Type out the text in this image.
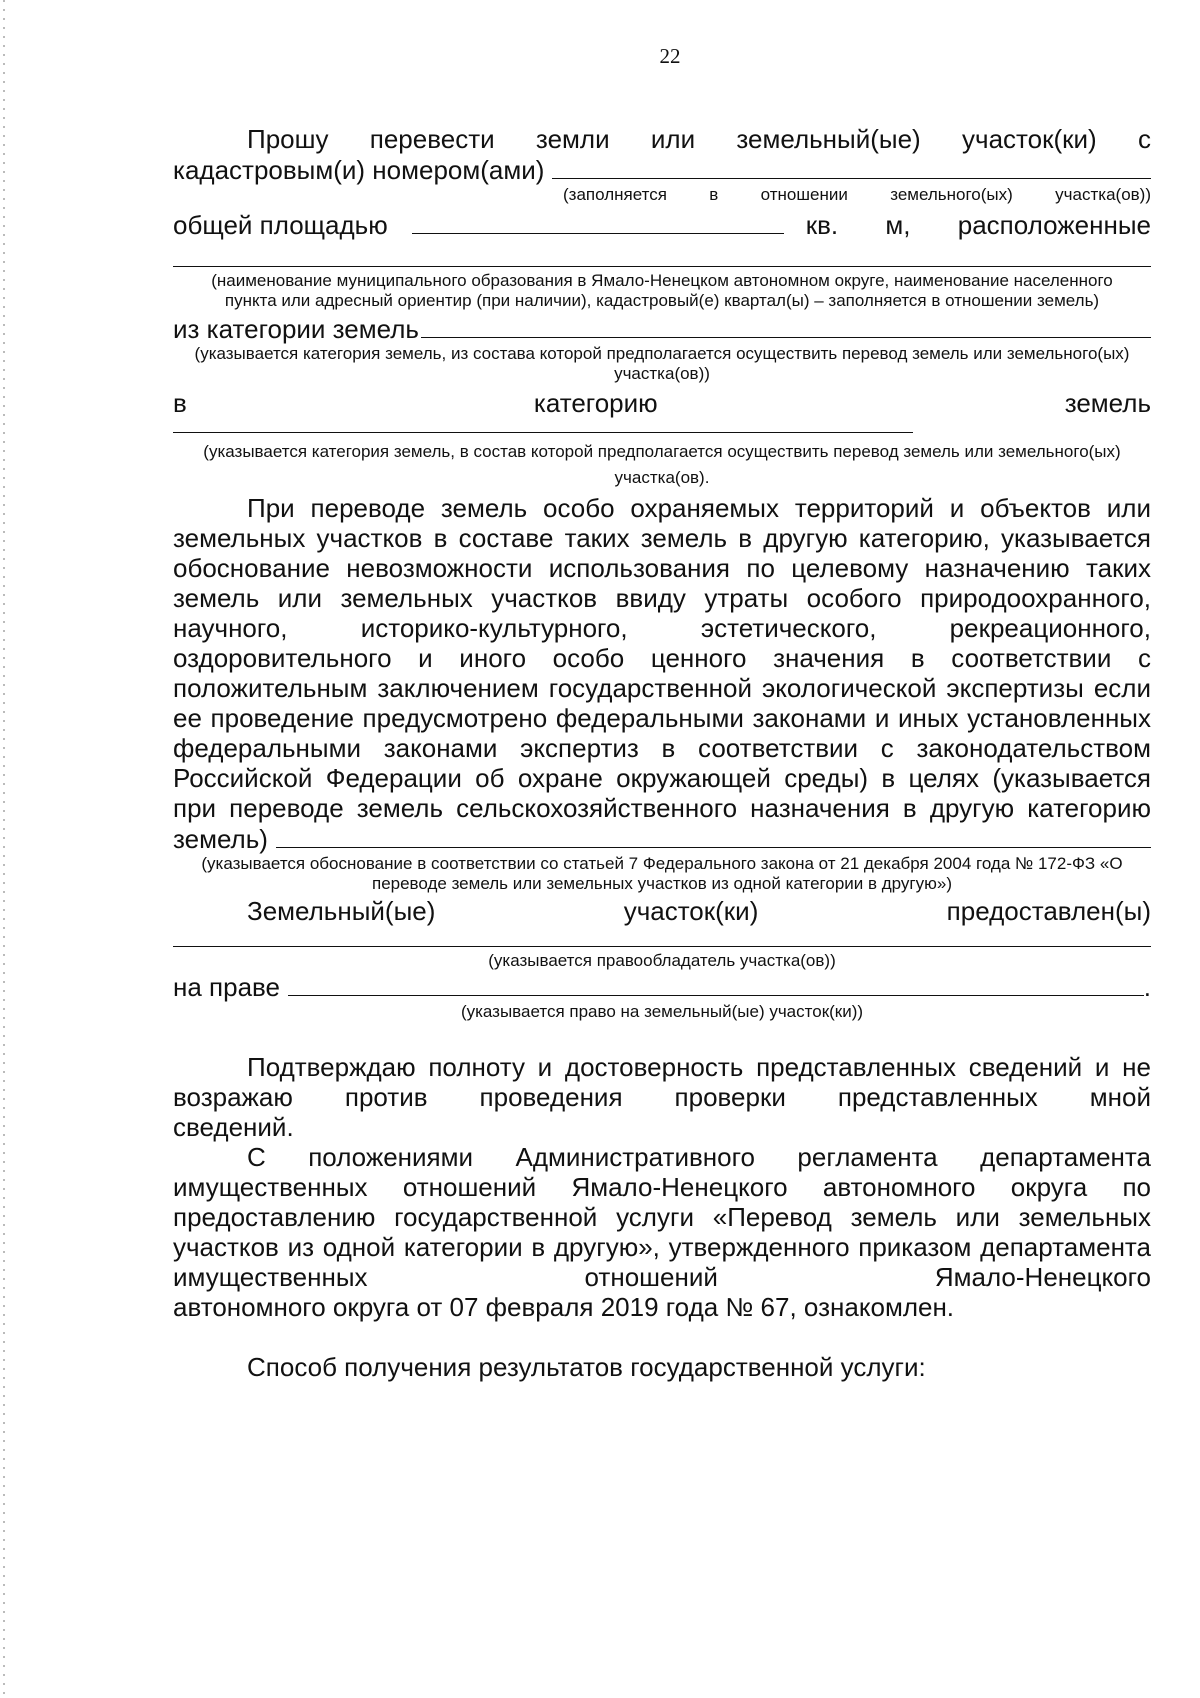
22
Прошу перевести земли или земельный(ые) участок(ки) с
кадастровым(и) номером(ами)
(заполняется в отношении земельного(ых) участка(ов))
общей площадью	кв. м, расположенные
(наименование муниципального образования в Ямало-Ненецком автономном округе, наименование населенного пункта или адресный ориентир (при наличии), кадастровый(е) квартал(ы) – заполняется в отношении земель)
из категории земель
(указывается категория земель, из состава которой предполагается осуществить перевод земель или земельного(ых) участка(ов))
в	категорию	земель
(указывается категория земель, в состав которой предполагается осуществить перевод земель или земельного(ых) участка(ов).
При переводе земель особо охраняемых территорий и объектов или земельных участков в составе таких земель в другую категорию, указывается обоснование невозможности использования по целевому назначению таких земель или земельных участков ввиду утраты особого природоохранного, научного, историко-культурного, эстетического, рекреационного, оздоровительного и иного особо ценного значения в соответствии с положительным заключением государственной экологической экспертизы если ее проведение предусмотрено федеральными законами и иных установленных федеральными законами экспертиз в соответствии с законодательством Российской Федерации об охране окружающей среды) в целях (указывается при переводе земель сельскохозяйственного назначения в другую категорию
земель)
(указывается обоснование в соответствии со статьей 7 Федерального закона от 21 декабря 2004 года № 172-ФЗ «О переводе земель или земельных участков из одной категории в другую»)
Земельный(ые)	участок(ки)	предоставлен(ы)
(указывается правообладатель участка(ов))
на праве	.
(указывается право на земельный(ые) участок(ки))
Подтверждаю полноту и достоверность представленных сведений и не возражаю против проведения проверки представленных мной
сведений.
С положениями Административного регламента департамента имущественных отношений Ямало-Ненецкого автономного округа по предоставлению государственной услуги «Перевод земель или земельных участков из одной категории в другую», утвержденного приказом департамента имущественных отношений Ямало-Ненецкого
автономного округа от 07 февраля 2019 года № 67, ознакомлен.
Способ получения результатов государственной услуги:
